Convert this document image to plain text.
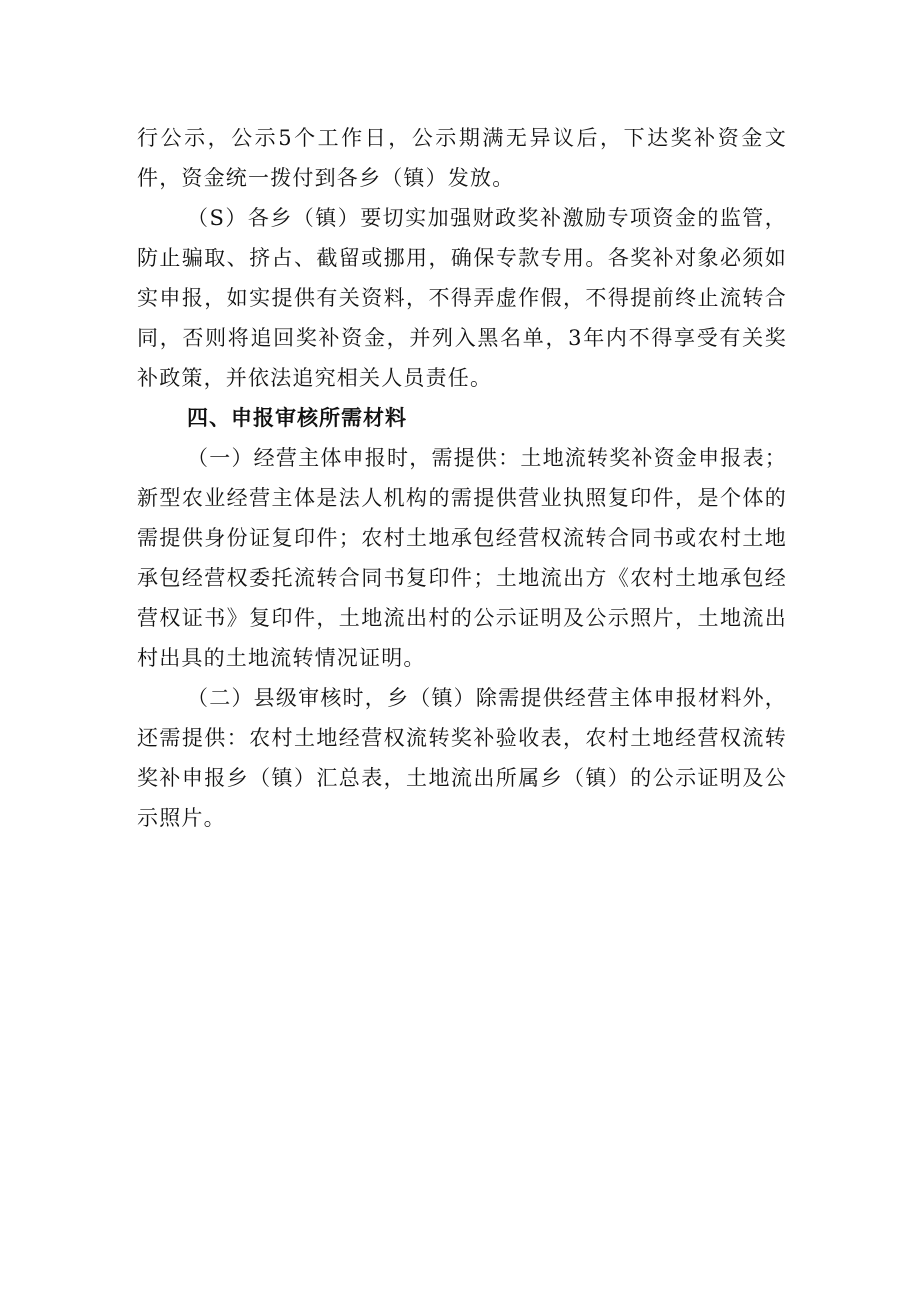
行公示，公示5个工作日，公示期满无异议后，下达奖补资金文件，资金统一拨付到各乡（镇）发放。

（S）各乡（镇）要切实加强财政奖补激励专项资金的监管，防止骗取、挤占、截留或挪用，确保专款专用。各奖补对象必须如实申报，如实提供有关资料，不得弄虚作假，不得提前终止流转合同，否则将追回奖补资金，并列入黑名单，3年内不得享受有关奖补政策，并依法追究相关人员责任。

四、申报审核所需材料

（一）经营主体申报时，需提供：土地流转奖补资金申报表；新型农业经营主体是法人机构的需提供营业执照复印件，是个体的需提供身份证复印件；农村土地承包经营权流转合同书或农村土地承包经营权委托流转合同书复印件；土地流出方《农村土地承包经营权证书》复印件，土地流出村的公示证明及公示照片，土地流出村出具的土地流转情况证明。

（二）县级审核时，乡（镇）除需提供经营主体申报材料外，还需提供：农村土地经营权流转奖补验收表，农村土地经营权流转奖补申报乡（镇）汇总表，土地流出所属乡（镇）的公示证明及公示照片。
